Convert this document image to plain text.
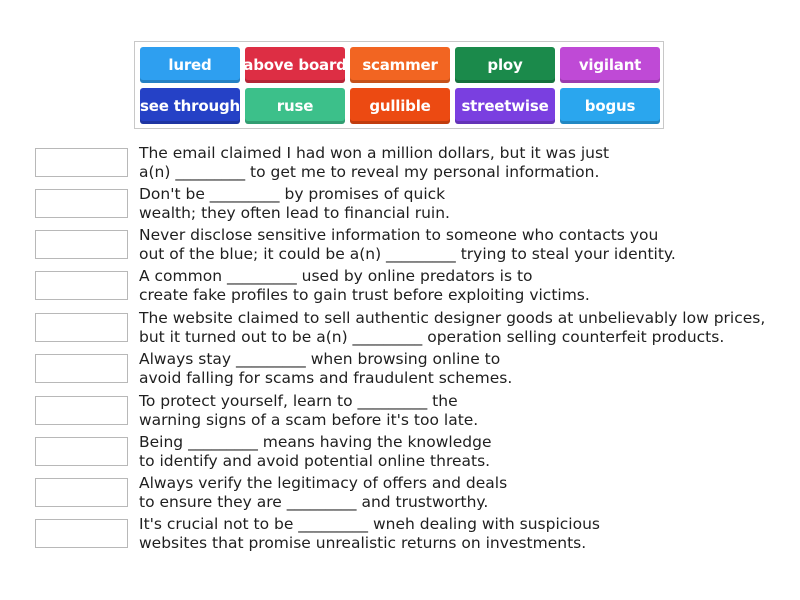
lured	above board	scammer	ploy	vigilant
see through	ruse	gullible	streetwise	bogus
The email claimed I had won a million dollars, but it was just
a(n) _________ to get me to reveal my personal information.
Don't be _________ by promises of quick
wealth; they often lead to financial ruin.
Never disclose sensitive information to someone who contacts you
out of the blue; it could be a(n) _________ trying to steal your identity.
A common _________ used by online predators is to
create fake profiles to gain trust before exploiting victims.
The website claimed to sell authentic designer goods at unbelievably low prices,
but it turned out to be a(n) _________ operation selling counterfeit products.
Always stay _________ when browsing online to
avoid falling for scams and fraudulent schemes.
To protect yourself, learn to _________ the
warning signs of a scam before it's too late.
Being _________ means having the knowledge
to identify and avoid potential online threats.
Always verify the legitimacy of offers and deals
to ensure they are _________ and trustworthy.
It's crucial not to be _________ wneh dealing with suspicious
websites that promise unrealistic returns on investments.
